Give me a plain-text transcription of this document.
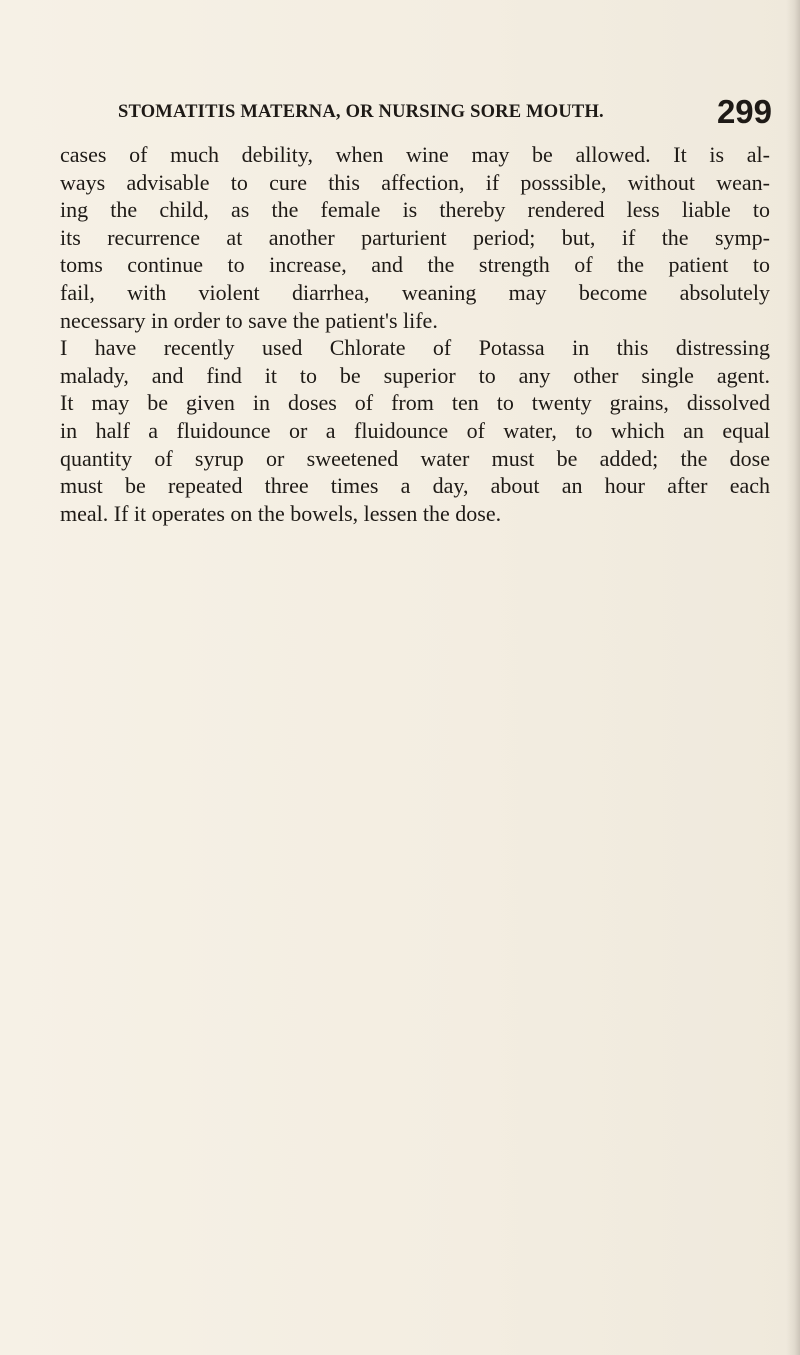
STOMATITIS MATERNA, OR NURSING SORE MOUTH.	299
cases of much debility, when wine may be allowed. It is al-
ways advisable to cure this affection, if posssible, without wean-
ing the child, as the female is thereby rendered less liable to
its recurrence at another parturient period; but, if the symp-
toms continue to increase, and the strength of the patient to
fail, with violent diarrhea, weaning may become absolutely
necessary in order to save the patient's life.
I have recently used Chlorate of Potassa in this distressing
malady, and find it to be superior to any other single agent.
It may be given in doses of from ten to twenty grains, dissolved
in half a fluidounce or a fluidounce of water, to which an equal
quantity of syrup or sweetened water must be added; the dose
must be repeated three times a day, about an hour after each
meal. If it operates on the bowels, lessen the dose.
